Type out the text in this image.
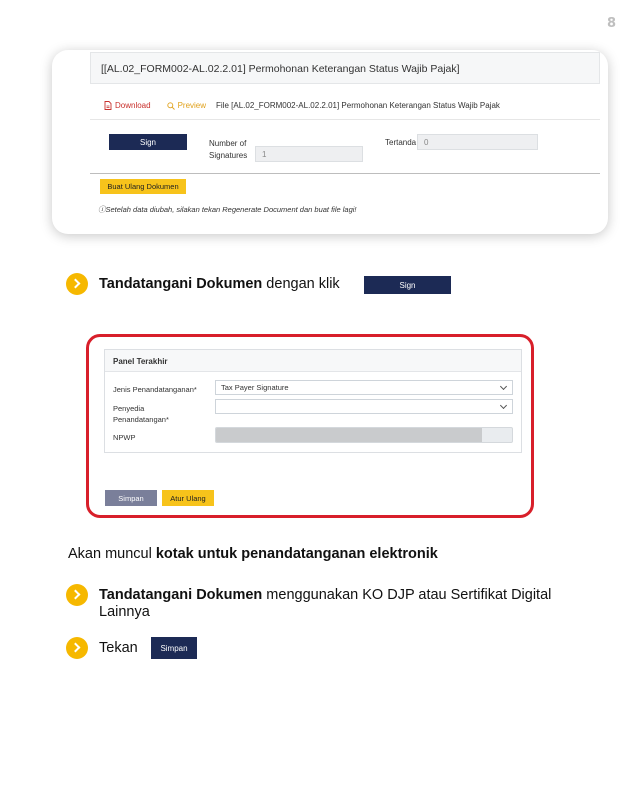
8
[[AL.02_FORM002-AL.02.2.01] Permohonan Keterangan Status Wajib Pajak]
Download	Preview File [AL.02_FORM002-AL.02.2.01] Permohonan Keterangan Status Wajib Pajak
Sign	Number of
Signatures	1
Tertanda 0
Buat Ulang Dokumen
ⓘSetelah data diubah, silakan tekan Regenerate Document dan buat file lagi!
Tandatangani Dokumen dengan klik	Sign
Panel Terakhir
Jenis Penandatanganan*	Tax Payer Signature
Penyedia
Penandatangan*
NPWP
Simpan	Atur Ulang
Akan muncul kotak untuk penandatanganan elektronik
Tandatangani Dokumen menggunakan KO DJP atau Sertifikat Digital
Lainnya
Tekan	Simpan
